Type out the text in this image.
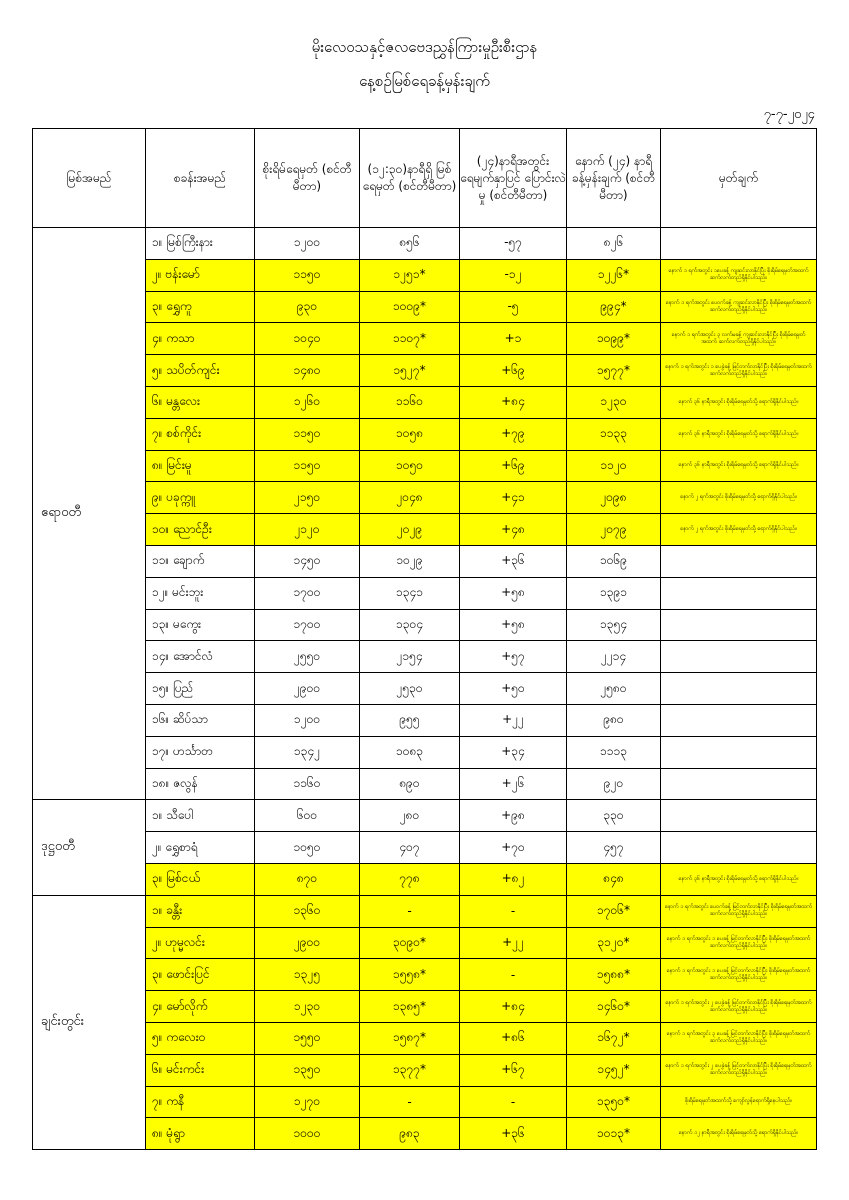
မိုးလေဝသနှင့်ဇလဗေဒညွှန်ကြားမှုဦးစီးဌာန
နေ့စဉ်မြစ်ရေခန့်မှန်းချက်
၇-၇-၂၀၂၄
မြစ်အမည်	စခန်းအမည်	စိုးရိမ်ရေမှတ် (စင်တီမီတာ)	(၁၂:၃၀)နာရီရှိ မြစ်ရေမှတ် (စင်တီမီတာ)	(၂၄)နာရီအတွင်း ရေမျက်နှာပြင် ပြောင်းလဲမှု (စင်တီမီတာ)	နောက် (၂၄) နာရီ ခန့်မှန်းချက် (စင်တီမီတာ)	မှတ်ချက်
ဧရာဝတီ	၁။ မြစ်ကြီးနား	၁၂၀၀	၈၅၆	-၅၇	၈၂၆	
	၂။ ဗန်းမော်	၁၁၅၀	၁၂၅၁*	-၁၂	၁၂၂၆*	နောက် ၁ ရက်အတွင်း ၁ပေခန့် ကျဆင်းလာနိုင်ပြီး စိုးရိမ်ရေမှတ်အထက် ဆက်လက်တည်ရှိနိုင်ပါသည်။
	၃။ ရွှေကူ	၉၃၀	၁၀၀၉*	-၅	၉၉၄*	နောက် ၁ ရက်အတွင်း ပေဝက်ခန့် ကျဆင်းလာနိုင်ပြီး စိုးရိမ်ရေမှတ်အထက် ဆက်လက်တည်ရှိနိုင်ပါသည်။
	၄။ ကသာ	၁၀၄၀	၁၁၀၇*	+၁	၁၀၉၉*	နောက် ၁ ရက်အတွင်း ၃ လက်မခန့် ကျဆင်းလာနိုင်ပြီး စိုးရိမ်ရေမှတ်အထက် ဆက်လက်တည်ရှိနိုင်ပါသည်။
	၅။ သပိတ်ကျင်း	၁၄၈၀	၁၅၂၇*	+၆၉	၁၅၇၇*	နောက် ၁ ရက်အတွင်း ၁ ပေခွဲခန့် မြင့်တက်လာနိုင်ပြီး စိုးရိမ်ရေမှတ်အထက် ဆက်လက်တည်ရှိနိုင်ပါသည်။
	၆။ မန္တလေး	၁၂၆၀	၁၁၆၀	+၈၄	၁၂၃၀	နောက် ၃၆ နာရီအတွင်း စိုးရိမ်ရေမှတ်သို့ ရောက်ရှိနိုင်ပါသည်။
	၇။ စစ်ကိုင်း	၁၁၅၀	၁၀၅၈	+၇၉	၁၁၃၃	နောက် ၃၆ နာရီအတွင်း စိုးရိမ်ရေမှတ်သို့ ရောက်ရှိနိုင်ပါသည်။
	၈။ မြင်းမူ	၁၁၅၀	၁၀၅၀	+၆၉	၁၁၂၀	နောက် ၃၆ နာရီအတွင်း စိုးရိမ်ရေမှတ်သို့ ရောက်ရှိနိုင်ပါသည်။
	၉။ ပခုက္ကူ	၂၁၅၀	၂၀၄၈	+၄၁	၂၀၉၈	နောက် ၂ ရက်အတွင်း စိုးရိမ်ရေမှတ်သို့ ရောက်ရှိနိုင်ပါသည်။
	၁၀။ ညောင်ဦး	၂၁၂၀	၂၀၂၉	+၄၈	၂၀၇၉	နောက် ၂ ရက်အတွင်း စိုးရိမ်ရေမှတ်သို့ ရောက်ရှိနိုင်ပါသည်။
	၁၁။ ချောက်	၁၄၅၀	၁၀၂၉	+၃၆	၁၀၆၉	
	၁၂။ မင်းဘူး	၁၇၀၀	၁၃၄၁	+၅၈	၁၃၉၁	
	၁၃။ မကွေး	၁၇၀၀	၁၃၀၄	+၅၈	၁၃၅၄	
	၁၄။ အောင်လံ	၂၅၅၀	၂၁၅၄	+၅၇	၂၂၁၄	
	၁၅။ ပြည်	၂၉၀၀	၂၅၃၀	+၅၀	၂၅၈၀	
	၁၆။ ဆိပ်သာ	၁၂၀၀	၉၅၅	+၂၂	၉၈၀	
	၁၇။ ဟင်္သာတ	၁၃၄၂	၁၀၈၃	+၃၄	၁၁၁၃	
	၁၈။ ဇလွန်	၁၁၆၀	၈၉၀	+၂၆	၉၂၀	
ဒုဋ္ဌဝတီ	၁။ သီပေါ	၆၀၀	၂၈၀	+၉၈	၃၃၀	
	၂။ ရွှေစာရံ	၁၀၅၀	၄၀၇	+၇၀	၄၅၇	
	၃။ မြစ်ငယ်	၈၇၀	၇၇၈	+၈၂	၈၄၈	နောက် ၃၆ နာရီအတွင်း စိုးရိမ်ရေမှတ်သို့ ရောက်ရှိနိုင်ပါသည်။
ချင်းတွင်း	၁။ ခန္တီး	၁၃၆၀	-	-	၁၇၀၆*	နောက် ၁ ရက်အတွင်း ပေဝက်ခန့် မြင့်တက်လာနိုင်ပြီး စိုးရိမ်ရေမှတ်အထက် ဆက်လက်တည်ရှိနိုင်ပါသည်။
	၂။ ဟုမ္မလင်း	၂၉၀၀	၃၀၉၀*	+၂၂	၃၁၂၀*	နောက် ၁ ရက်အတွင်း ၁ ပေခန့် မြင့်တက်လာနိုင်ပြီး စိုးရိမ်ရေမှတ်အထက် ဆက်လက်တည်ရှိနိုင်ပါသည်။
	၃။ ဖောင်းပြင်	၁၃၂၅	၁၅၅၈*	-	၁၅၈၈*	နောက် ၁ ရက်အတွင်း ၁ ပေခန့် မြင့်တက်လာနိုင်ပြီး စိုးရိမ်ရေမှတ်အထက် ဆက်လက်တည်ရှိနိုင်ပါသည်။
	၄။ မော်လိုက်	၁၂၃၀	၁၃၈၅*	+၈၄	၁၄၆၀*	နောက် ၁ ရက်အတွင်း ၂ ပေခွဲခန့် မြင့်တက်လာနိုင်ပြီး စိုးရိမ်ရေမှတ်အထက် ဆက်လက်တည်ရှိနိုင်ပါသည်။
	၅။ ကလေးဝ	၁၅၅၀	၁၅၈၇*	+၈၆	၁၆၇၂*	နောက် ၁ ရက်အတွင်း ၃ ပေခန့် မြင့်တက်လာနိုင်ပြီး စိုးရိမ်ရေမှတ်အထက် ဆက်လက်တည်ရှိနိုင်ပါသည်။
	၆။ မင်းကင်း	၁၃၅၀	၁၃၇၇*	+၆၇	၁၄၅၂*	နောက် ၁ ရက်အတွင်း ၂ ပေခွဲခန့် မြင့်တက်လာနိုင်ပြီး စိုးရိမ်ရေမှတ်အထက် ဆက်လက်တည်ရှိနိုင်ပါသည်။
	၇။ ကနီ	၁၂၇၀	-	-	၁၃၅၀*	စိုးရိမ်ရေမှတ်အထက်သို့ ကျော်လွန်ရောက်ရှိနေပါသည်။
	၈။ မုံရွာ	၁၀၀၀	၉၈၃	+၃၆	၁၀၁၃*	နောက် ၁၂ နာရီအတွင်း စိုးရိမ်ရေမှတ်သို့ ရောက်ရှိနိုင်ပါသည်။
